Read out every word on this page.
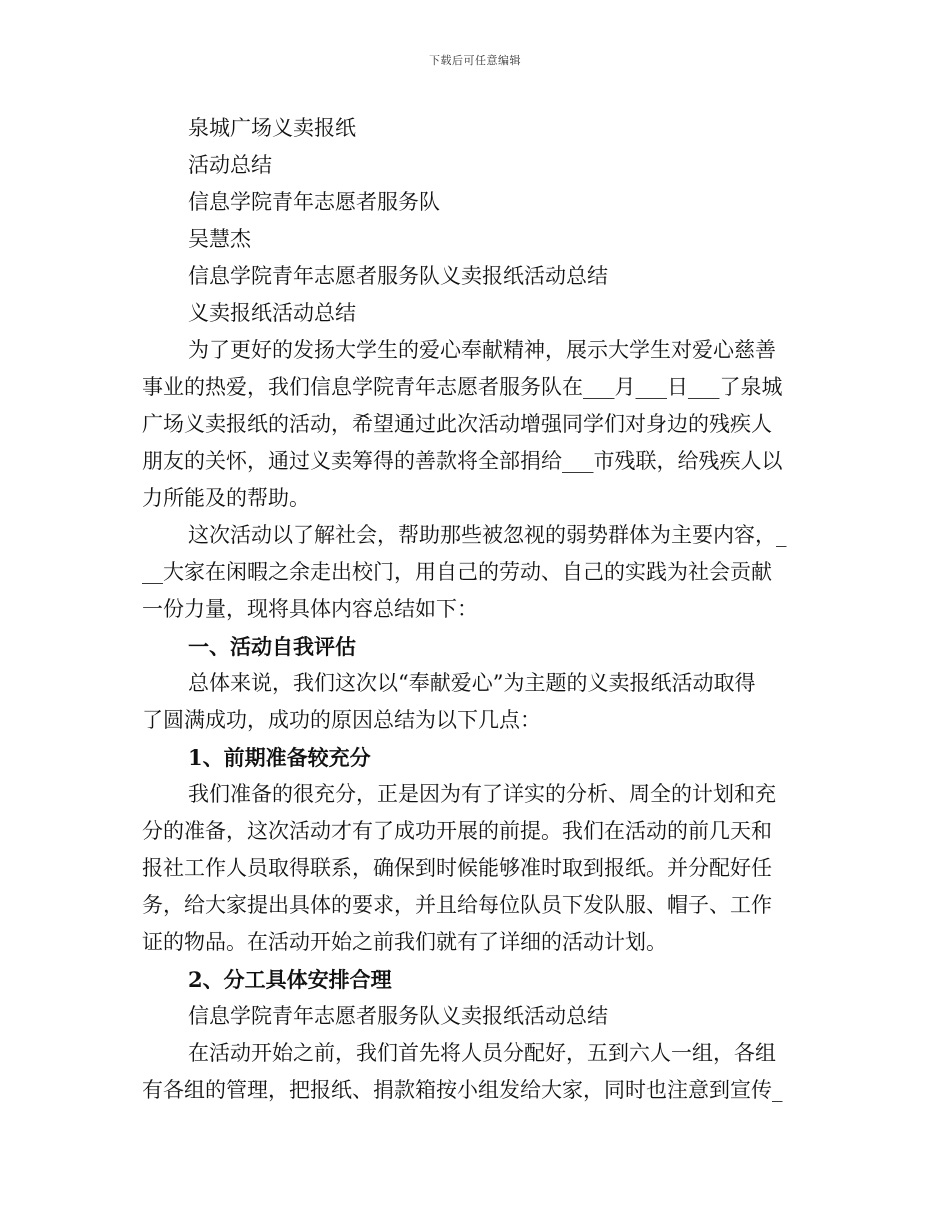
下载后可任意编辑
泉城广场义卖报纸
活动总结
信息学院青年志愿者服务队
吴慧杰
信息学院青年志愿者服务队义卖报纸活动总结
义卖报纸活动总结
为了更好的发扬大学生的爱心奉献精神，展示大学生对爱心慈善
事业的热爱，我们信息学院青年志愿者服务队在___月___日___了泉城
广场义卖报纸的活动，希望通过此次活动增强同学们对身边的残疾人
朋友的关怀，通过义卖筹得的善款将全部捐给___市残联，给残疾人以
力所能及的帮助。
这次活动以了解社会，帮助那些被忽视的弱势群体为主要内容，_
__大家在闲暇之余走出校门，用自己的劳动、自己的实践为社会贡献
一份力量，现将具体内容总结如下：
一、活动自我评估
总体来说，我们这次以“奉献爱心”为主题的义卖报纸活动取得
了圆满成功，成功的原因总结为以下几点：
1、前期准备较充分
我们准备的很充分，正是因为有了详实的分析、周全的计划和充
分的准备，这次活动才有了成功开展的前提。我们在活动的前几天和
报社工作人员取得联系，确保到时候能够准时取到报纸。并分配好任
务，给大家提出具体的要求，并且给每位队员下发队服、帽子、工作
证的物品。在活动开始之前我们就有了详细的活动计划。
2、分工具体安排合理
信息学院青年志愿者服务队义卖报纸活动总结
在活动开始之前，我们首先将人员分配好，五到六人一组，各组
有各组的管理，把报纸、捐款箱按小组发给大家，同时也注意到宣传_
